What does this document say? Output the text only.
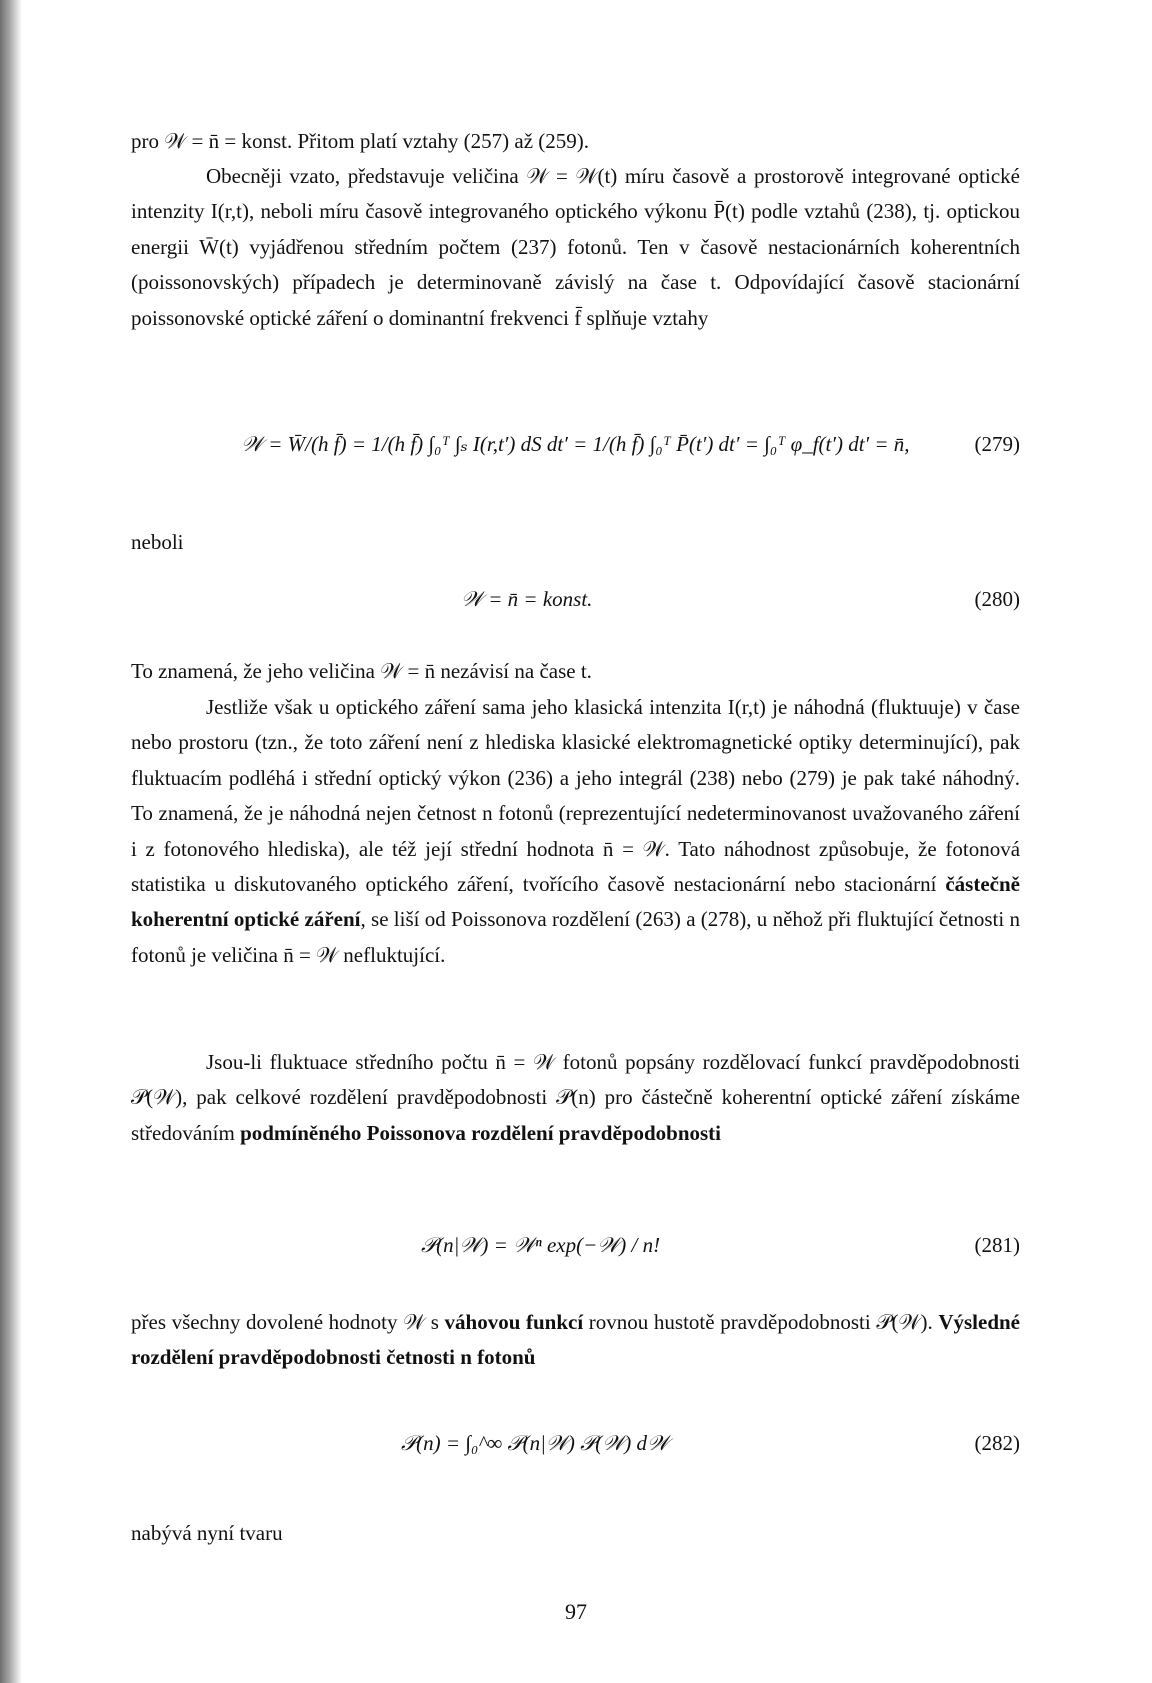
pro 𝒲 = n̄ = konst. Přitom platí vztahy (257) až (259).

Obecněji vzato, představuje veličina 𝒲 = 𝒲(t) míru časově a prostorově integrované optické intenzity I(r,t), neboli míru časově integrovaného optického výkonu P̄(t) podle vztahů (238), tj. optickou energii W̄(t) vyjádřenou středním počtem (237) fotonů. Ten v časově nestacionárních koherentních (poissonovských) případech je determinovaně závislý na čase t. Odpovídající časově stacionární poissonovské optické záření o dominantní frekvenci f̄ splňuje vztahy

𝒲 = W̄/(h f̄) = 1/(h f̄) ∫₀ᵀ ∫ₛ I(r,t′) dS dt′ = 1/(h f̄) ∫₀ᵀ P̄(t′) dt′ = ∫₀ᵀ φ_f(t′) dt′ = n̄,	(279)

neboli

𝒲 = n̄ = konst.	(280)

To znamená, že jeho veličina 𝒲 = n̄ nezávisí na čase t.

Jestliže však u optického záření sama jeho klasická intenzita I(r,t) je náhodná (fluktuuje) v čase nebo prostoru (tzn., že toto záření není z hlediska klasické elektromagnetické optiky determinující), pak fluktuacím podléhá i střední optický výkon (236) a jeho integrál (238) nebo (279) je pak také náhodný. To znamená, že je náhodná nejen četnost n fotonů (reprezentující nedeterminovanost uvažovaného záření i z fotonového hlediska), ale též její střední hodnota n̄ = 𝒲. Tato náhodnost způsobuje, že fotonová statistika u diskutovaného optického záření, tvořícího časově nestacionární nebo stacionární částečně koherentní optické záření, se liší od Poissonova rozdělení (263) a (278), u něhož při fluktující četnosti n fotonů je veličina n̄ = 𝒲 nefluktující.

Jsou-li fluktuace středního počtu n̄ = 𝒲 fotonů popsány rozdělovací funkcí pravděpodobnosti 𝒫(𝒲), pak celkové rozdělení pravděpodobnosti 𝒫(n) pro částečně koherentní optické záření získáme středováním podmíněného Poissonova rozdělení pravděpodobnosti

𝒫(n|𝒲) = 𝒲ⁿ exp(−𝒲) / n!	(281)

přes všechny dovolené hodnoty 𝒲 s váhovou funkcí rovnou hustotě pravděpodobnosti 𝒫(𝒲). Výsledné rozdělení pravděpodobnosti četnosti n fotonů

𝒫(n) = ∫₀^∞ 𝒫(n|𝒲) 𝒫(𝒲) d𝒲	(282)

nabývá nyní tvaru

97
